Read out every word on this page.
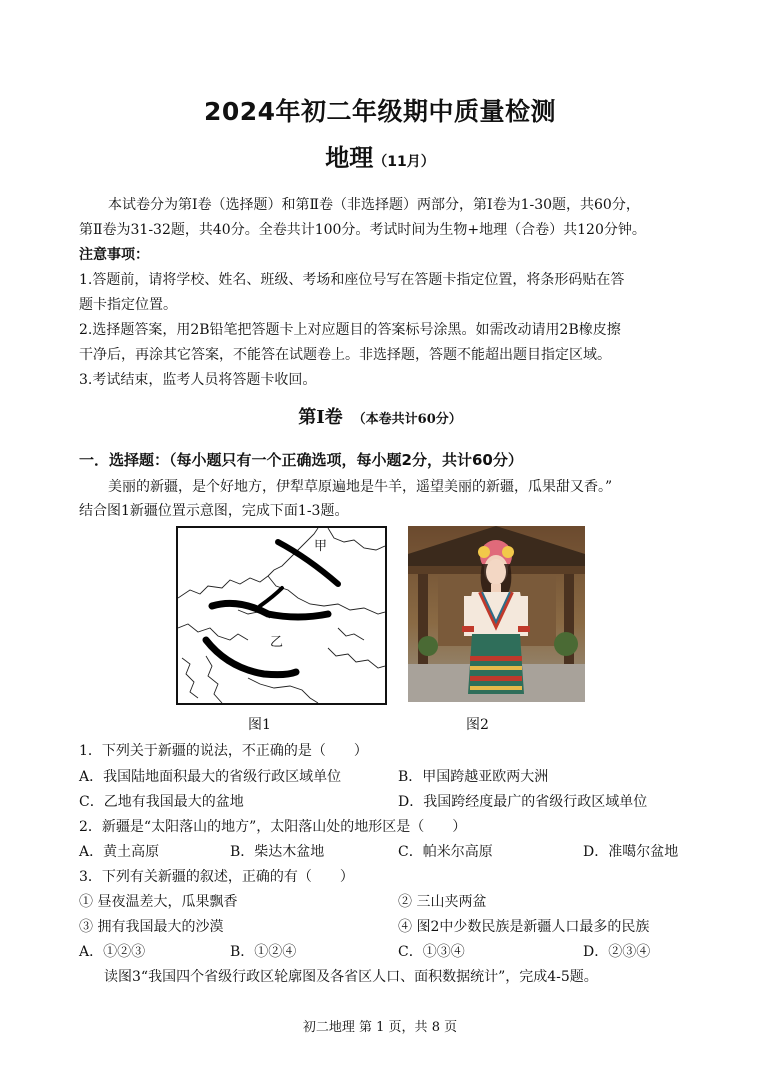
2024年初二年级期中质量检测
地理（11月）
本试卷分为第Ⅰ卷（选择题）和第Ⅱ卷（非选择题）两部分，第Ⅰ卷为1-30题，共60分，
第Ⅱ卷为31-32题，共40分。全卷共计100分。考试时间为生物+地理（合卷）共120分钟。
注意事项：
1.答题前，请将学校、姓名、班级、考场和座位号写在答题卡指定位置，将条形码贴在答
题卡指定位置。
2.选择题答案，用2B铅笔把答题卡上对应题目的答案标号涂黑。如需改动请用2B橡皮擦
干净后，再涂其它答案，不能答在试题卷上。非选择题，答题不能超出题目指定区域。
3.考试结束，监考人员将答题卡收回。
第Ⅰ卷 （本卷共计60分）
一．选择题：（每小题只有一个正确选项，每小题2分，共计60分）
美丽的新疆，是个好地方，伊犁草原遍地是牛羊，遥望美丽的新疆，瓜果甜又香。”
结合图1新疆位置示意图，完成下面1-3题。
甲
乙
图1	图2
1．下列关于新疆的说法，不正确的是（　　）
A．我国陆地面积最大的省级行政区域单位	B．甲国跨越亚欧两大洲
C．乙地有我国最大的盆地	D．我国跨经度最广的省级行政区域单位
2．新疆是“太阳落山的地方”，太阳落山处的地形区是（　　）
A．黄土高原	B．柴达木盆地	C．帕米尔高原	D．准噶尔盆地
3．下列有关新疆的叙述，正确的有（　　）
① 昼夜温差大，瓜果飘香	② 三山夹两盆
③ 拥有我国最大的沙漠	④ 图2中少数民族是新疆人口最多的民族
A．①②③	B．①②④	C．①③④	D．②③④
读图3“我国四个省级行政区轮廓图及各省区人口、面积数据统计”，完成4-5题。
初二地理 第 1 页，共 8 页
